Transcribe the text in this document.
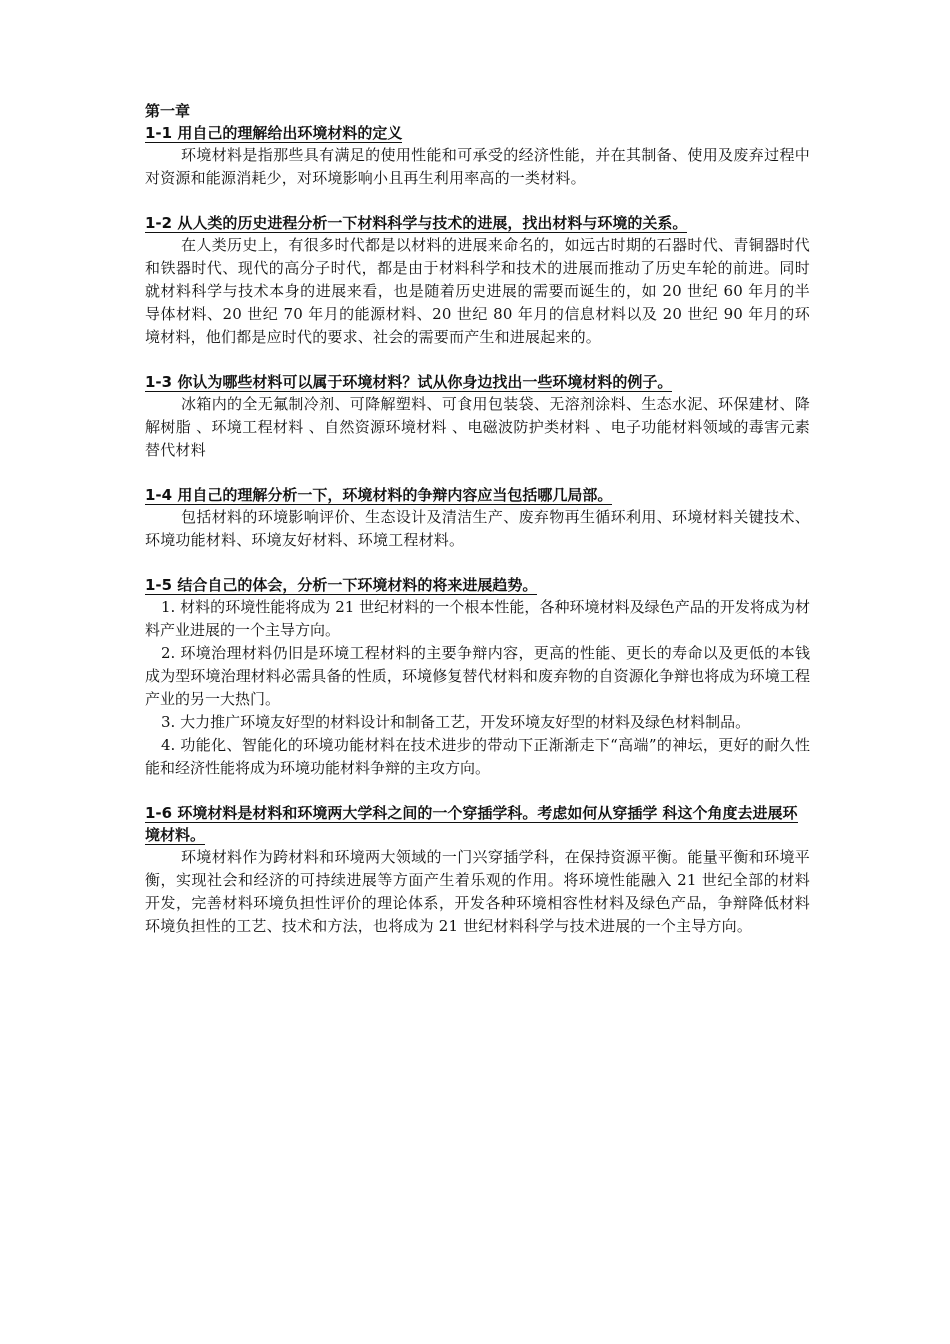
第一章

1-1 用自己的理解给出环境材料的定义

环境材料是指那些具有满足的使用性能和可承受的经济性能，并在其制备、使用及废弃过程中对资源和能源消耗少，对环境影响小且再生利用率高的一类材料。

1-2 从人类的历史进程分析一下材料科学与技术的进展，找出材料与环境的关系。

在人类历史上，有很多时代都是以材料的进展来命名的，如远古时期的石器时代、青铜器时代和铁器时代、现代的高分子时代，都是由于材料科学和技术的进展而推动了历史车轮的前进。同时就材料科学与技术本身的进展来看，也是随着历史进展的需要而诞生的，如 20 世纪 60 年月的半导体材料、20 世纪 70 年月的能源材料、20 世纪 80 年月的信息材料以及 20 世纪 90 年月的环境材料，他们都是应时代的要求、社会的需要而产生和进展起来的。

1-3 你认为哪些材料可以属于环境材料？试从你身边找出一些环境材料的例子。

冰箱内的全无氟制冷剂、可降解塑料、可食用包装袋、无溶剂涂料、生态水泥、环保建材、降解树脂 、环境工程材料 、自然资源环境材料 、电磁波防护类材料 、电子功能材料领域的毒害元素替代材料

1-4 用自己的理解分析一下，环境材料的争辩内容应当包括哪几局部。

包括材料的环境影响评价、生态设计及清洁生产、废弃物再生循环利用、环境材料关键技术、环境功能材料、环境友好材料、环境工程材料。

1-5 结合自己的体会，分析一下环境材料的将来进展趋势。

1. 材料的环境性能将成为 21 世纪材料的一个根本性能，各种环境材料及绿色产品的开发将成为材料产业进展的一个主导方向。

2. 环境治理材料仍旧是环境工程材料的主要争辩内容，更高的性能、更长的寿命以及更低的本钱成为型环境治理材料必需具备的性质，环境修复替代材料和废弃物的自资源化争辩也将成为环境工程产业的另一大热门。

3. 大力推广环境友好型的材料设计和制备工艺，开发环境友好型的材料及绿色材料制品。

4. 功能化、智能化的环境功能材料在技术进步的带动下正渐渐走下“高端”的神坛，更好的耐久性能和经济性能将成为环境功能材料争辩的主攻方向。

1-6 环境材料是材料和环境两大学科之间的一个穿插学科。考虑如何从穿插学 科这个角度去进展环境材料。

环境材料作为跨材料和环境两大领域的一门兴穿插学科，在保持资源平衡。能量平衡和环境平衡，实现社会和经济的可持续进展等方面产生着乐观的作用。将环境性能融入 21 世纪全部的材料开发，完善材料环境负担性评价的理论体系，开发各种环境相容性材料及绿色产品，争辩降低材料环境负担性的工艺、技术和方法，也将成为 21 世纪材料科学与技术进展的一个主导方向。
